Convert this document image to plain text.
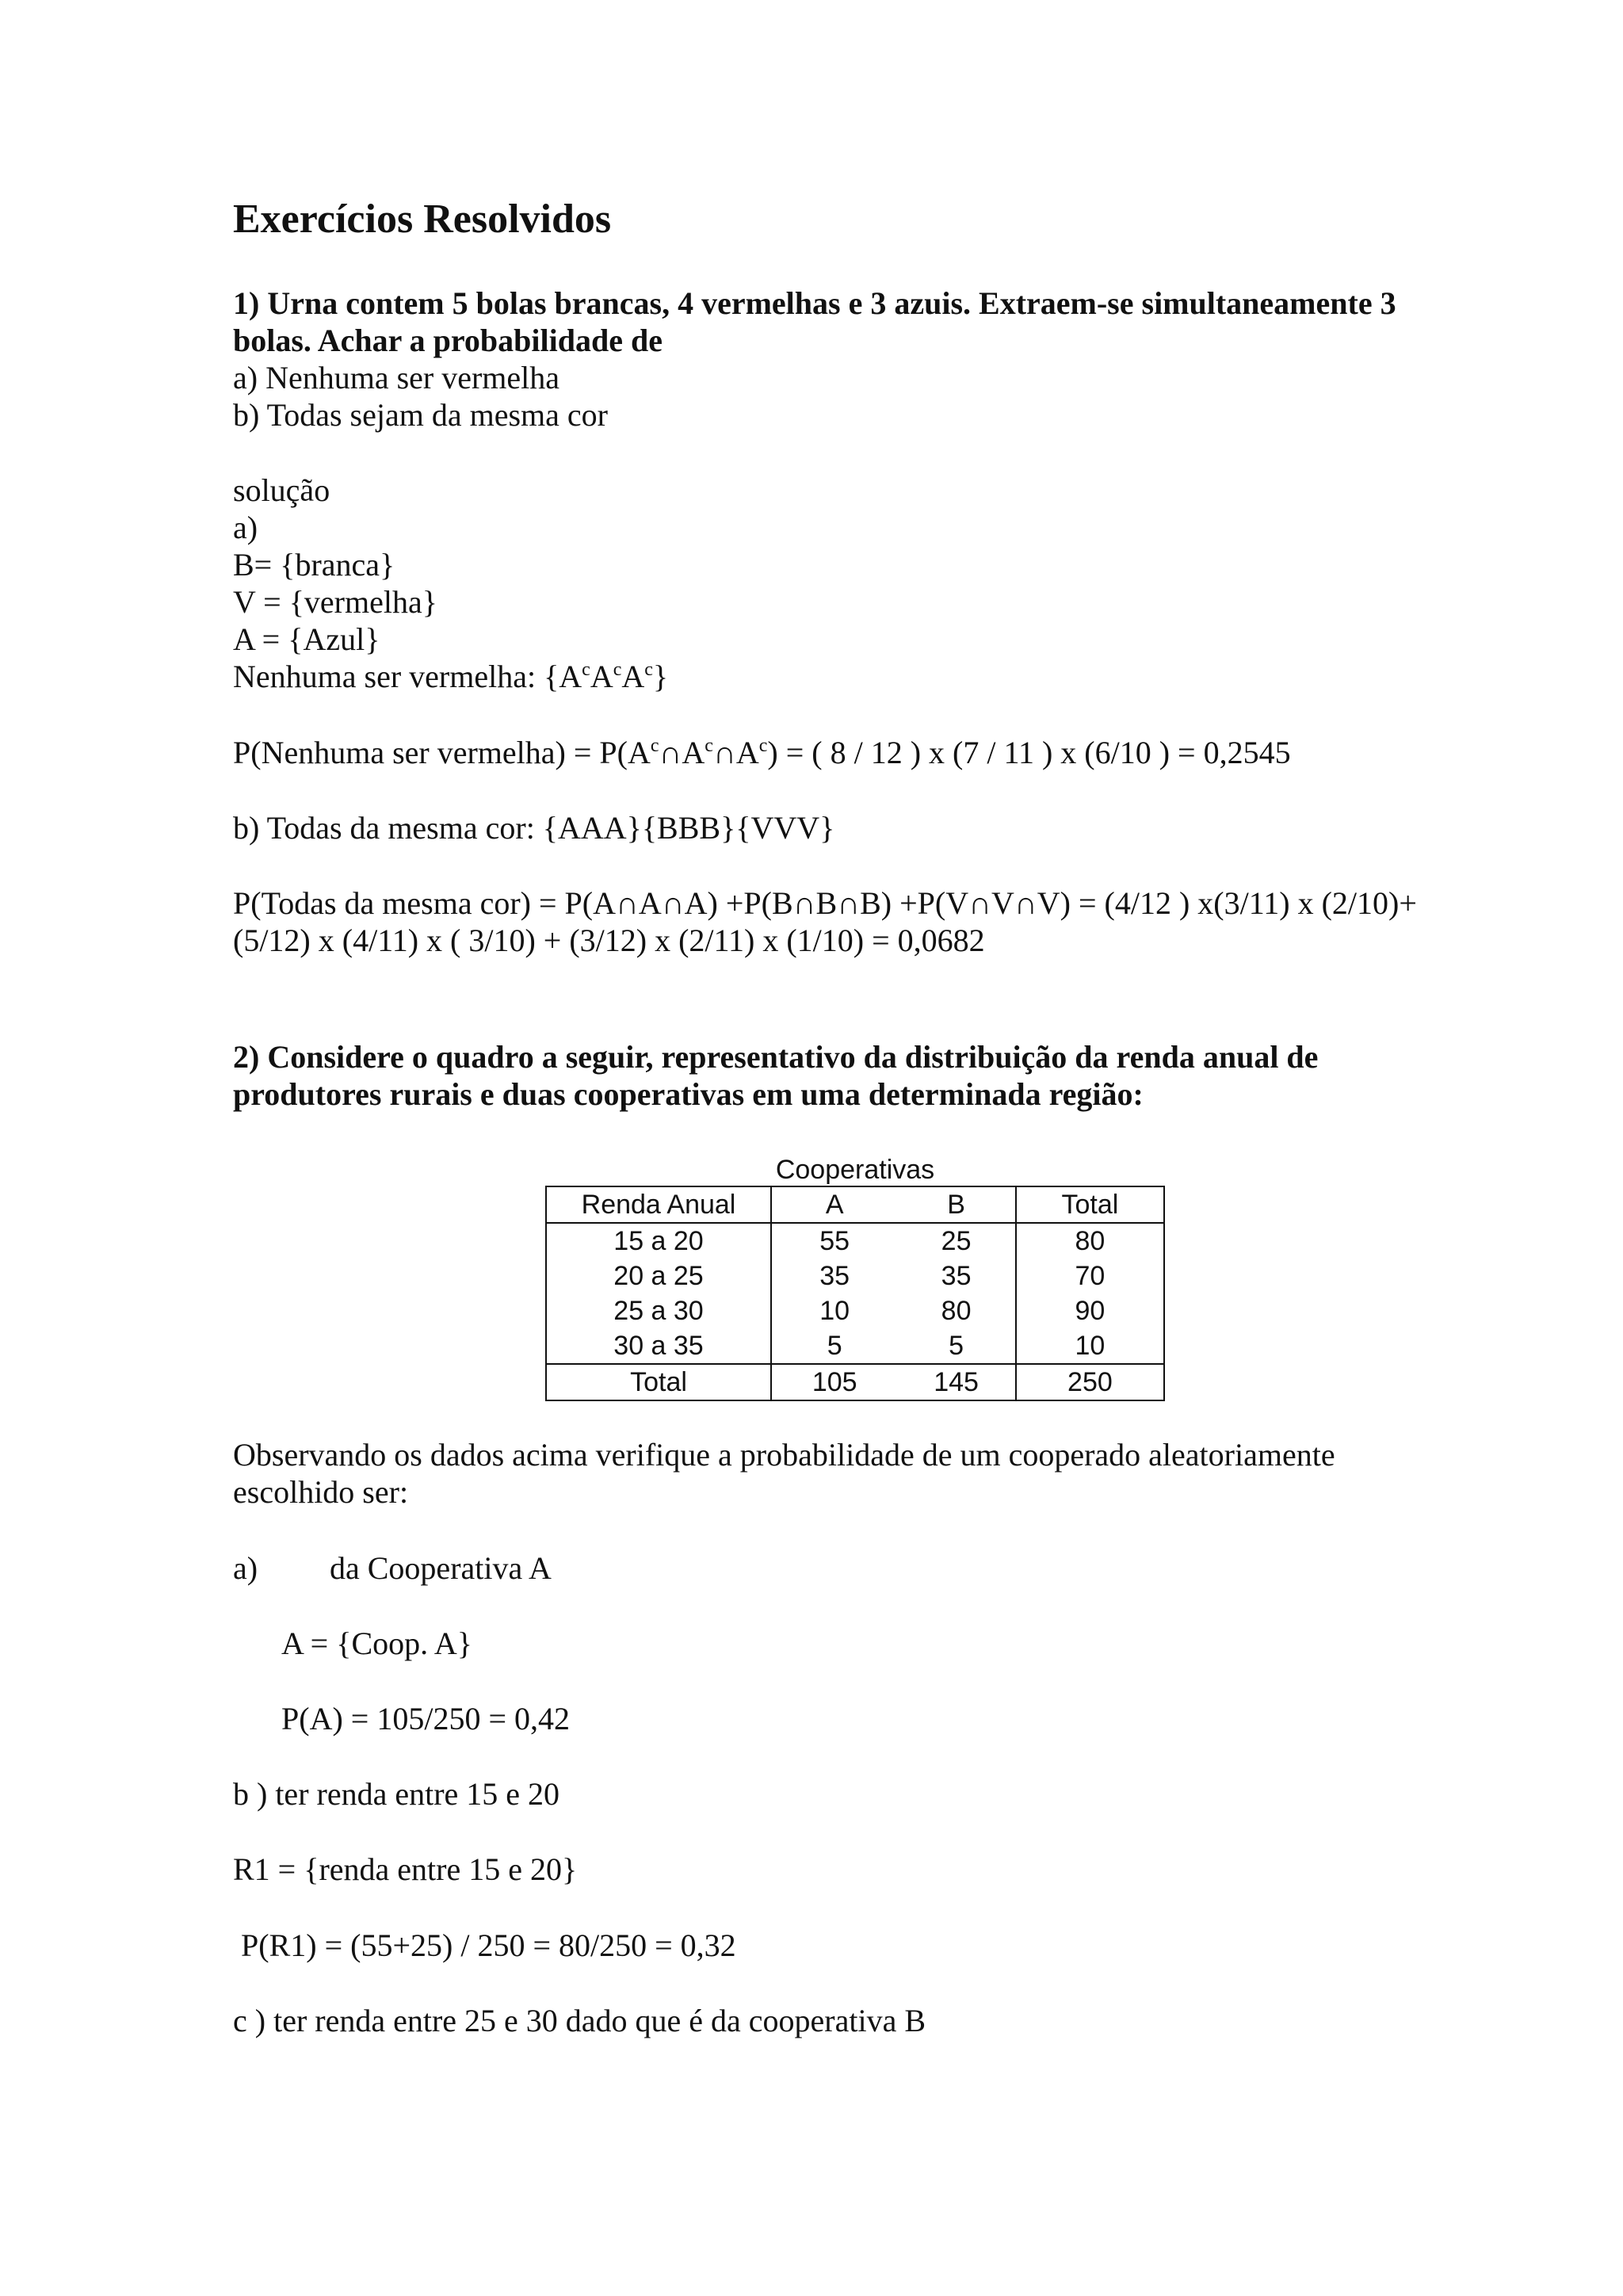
Exercícios Resolvidos

1) Urna contem 5 bolas brancas, 4 vermelhas e 3 azuis. Extraem-se simultaneamente 3

bolas. Achar a probabilidade de

a) Nenhuma ser vermelha

b) Todas sejam da mesma cor

solução

a)

B= {branca}

V = {vermelha}

A = {Azul}

Nenhuma ser vermelha: $\{A^cA^cA^c\}$

P(Nenhuma ser vermelha) = $P(A^c\cap A^c\cap A^c)$ = ( 8 / 12 ) x (7 / 11 ) x (6/10 ) = 0,2545

b) Todas da mesma cor: {AAA}{BBB}{VVV}

P(Todas da mesma cor) = P(A∩A∩A) +P(B∩B∩B) +P(V∩V∩V) = (4/12 ) x(3/11) x (2/10)+

(5/12) x (4/11) x ( 3/10) + (3/12) x (2/11) x (1/10) = 0,0682

2) Considere o quadro a seguir, representativo da distribuição da renda anual de

produtores rurais e duas cooperativas em uma determinada região:

Cooperativas
Renda Anual	A	B	Total
15 a 20	55	25	80
20 a 25	35	35	70
25 a 30	10	80	90
30 a 35	5	5	10
Total	105	145	250

Observando os dados acima verifique a probabilidade de um cooperado aleatoriamente

escolhido ser:

a) da Cooperativa A

A = {Coop. A}

P(A) = 105/250 = 0,42

b ) ter renda entre 15 e 20

R1 = {renda entre 15 e 20}

P(R1) = (55+25) / 250 = 80/250 = 0,32

c ) ter renda entre 25 e 30 dado que é da cooperativa B
